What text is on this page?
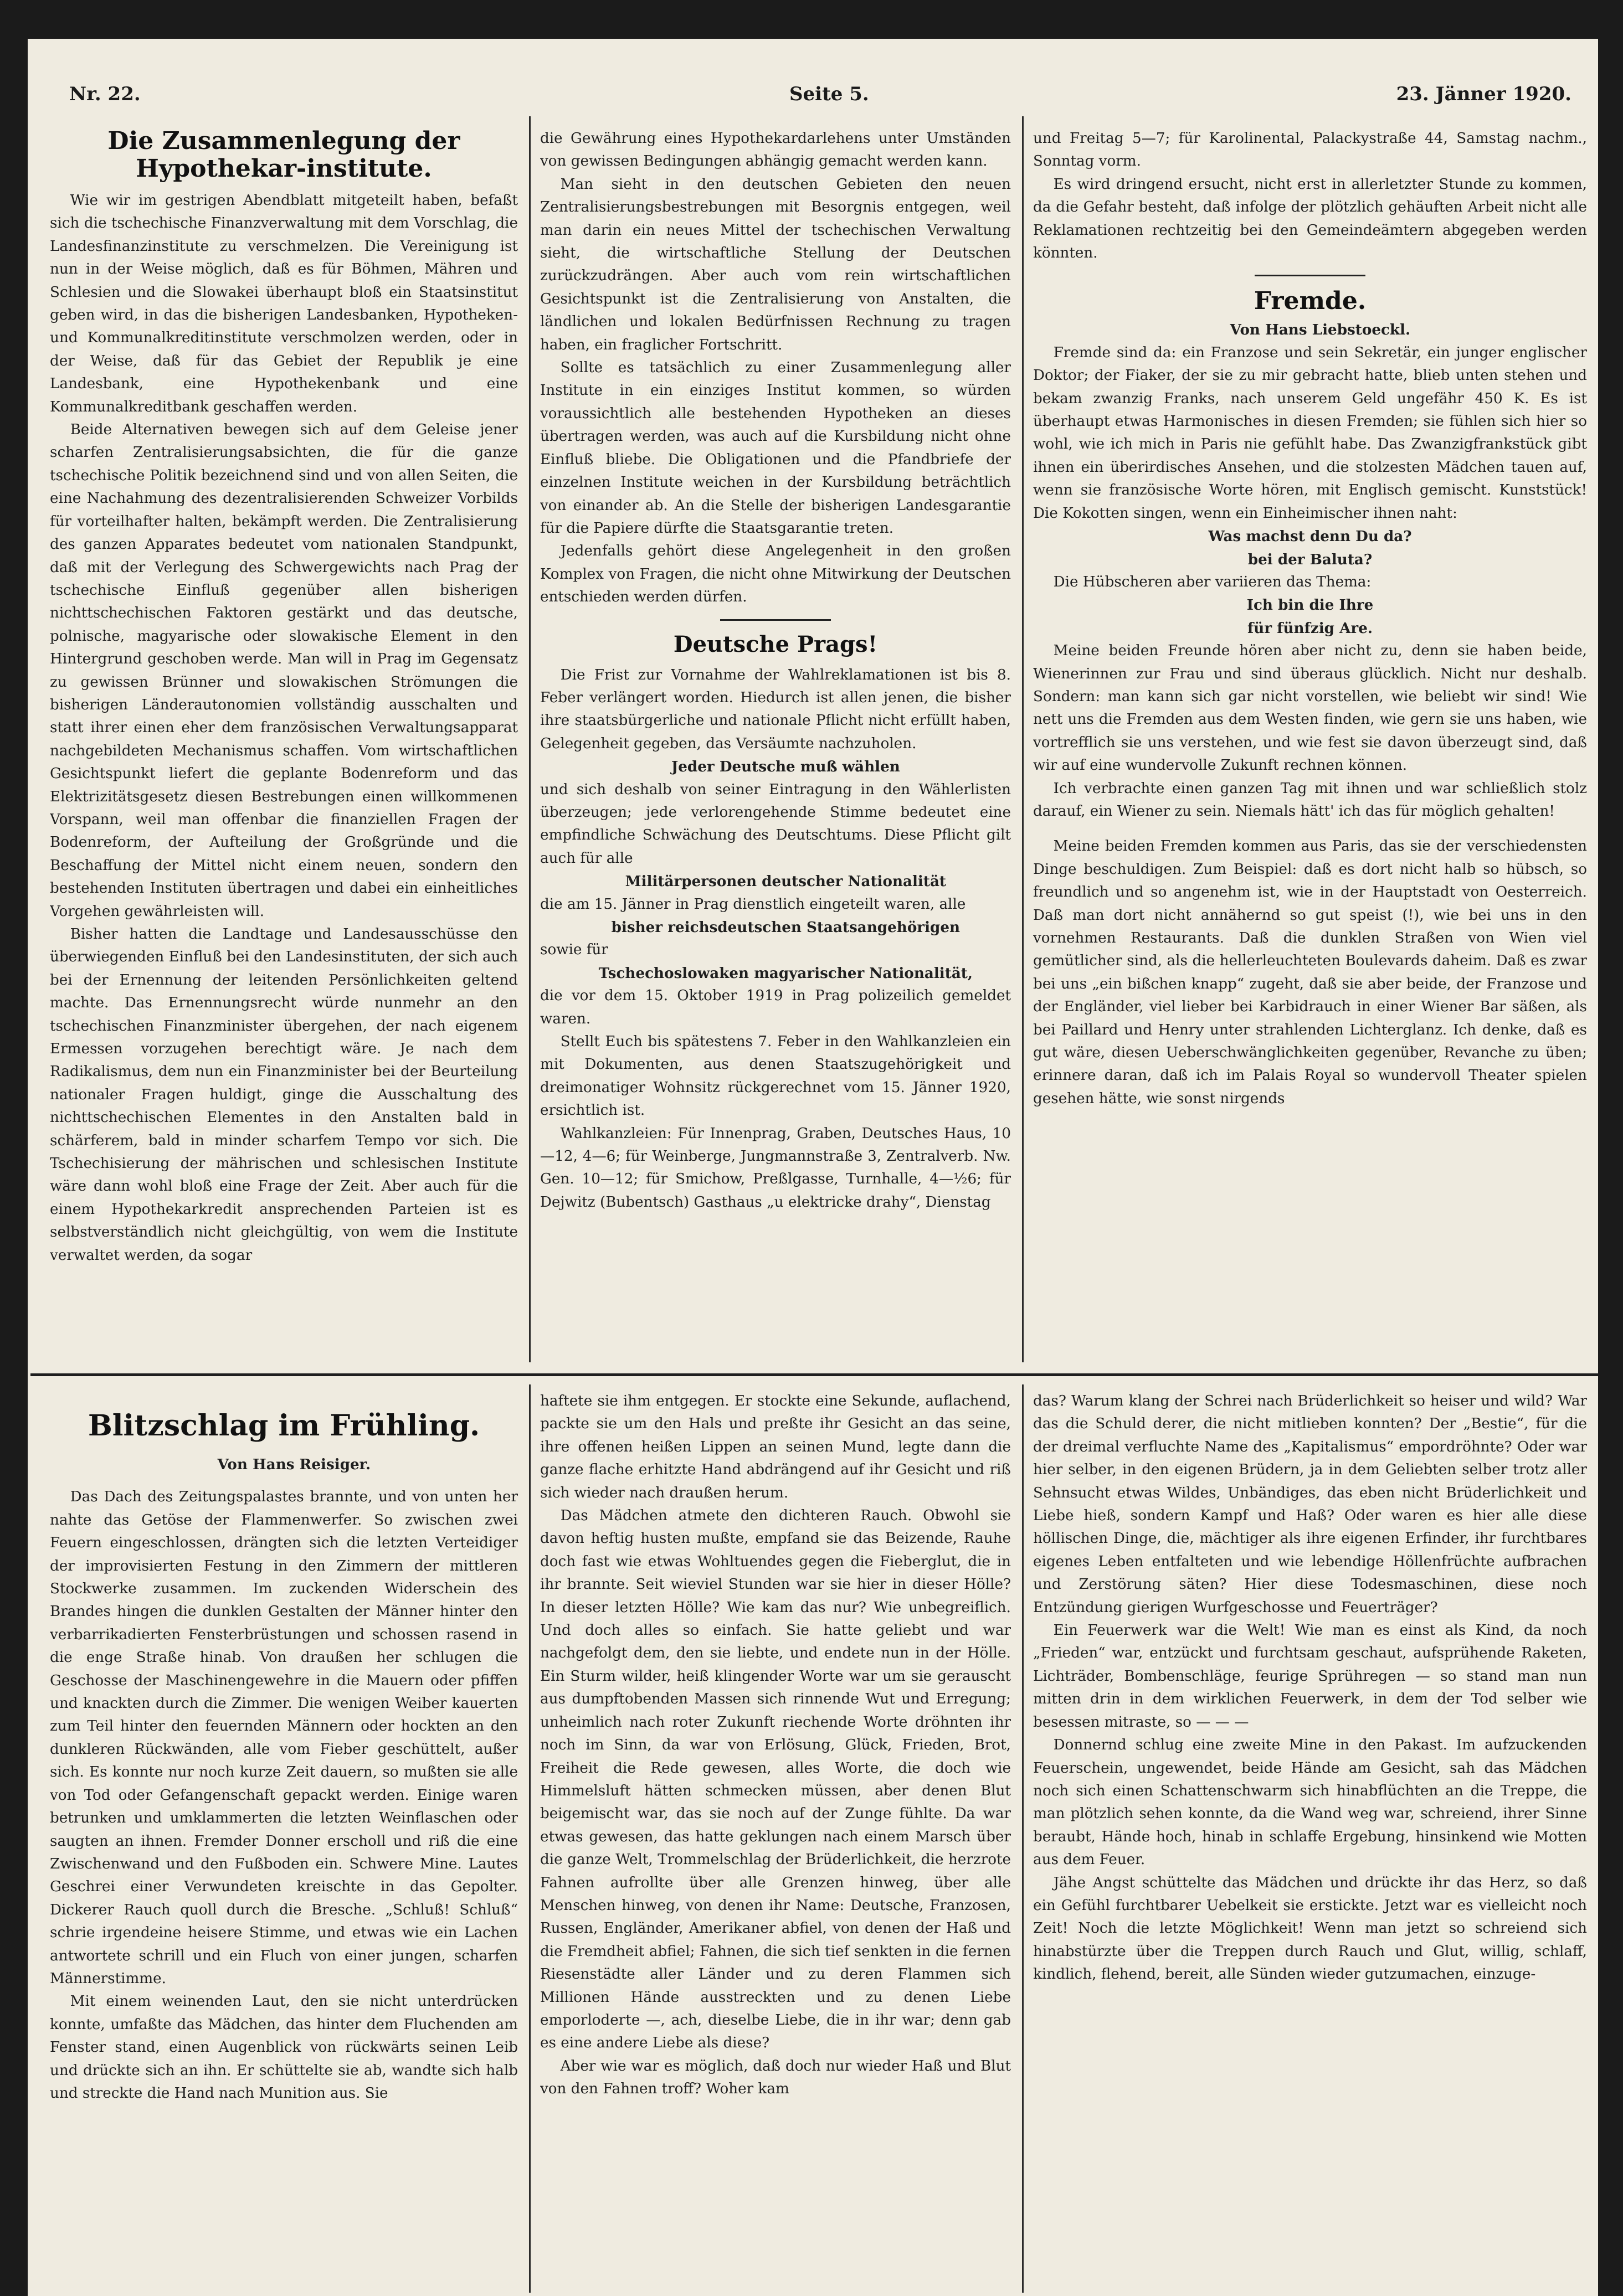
Nr. 22.	Seite 5.	23. Jänner 1920.
Die Zusammenlegung der Hypothekar-institute.

Wie wir im gestrigen Abendblatt mitgeteilt haben, befaßt sich die tschechische Finanzverwaltung mit dem Vorschlag, die Landesfinanzinstitute zu verschmelzen. Die Vereinigung ist nun in der Weise möglich, daß es für Böhmen, Mähren und Schlesien und die Slowakei überhaupt bloß ein Staatsinstitut geben wird, in das die bisherigen Landesbanken, Hypotheken- und Kommunalkreditinstitute verschmolzen werden, oder in der Weise, daß für das Gebiet der Republik je eine Landesbank, eine Hypothekenbank und eine Kommunalkreditbank geschaffen werden.

Beide Alternativen bewegen sich auf dem Geleise jener scharfen Zentralisierungsabsichten, die für die ganze tschechische Politik bezeichnend sind und von allen Seiten, die eine Nachahmung des dezentralisierenden Schweizer Vorbilds für vorteilhafter halten, bekämpft werden. Die Zentralisierung des ganzen Apparates bedeutet vom nationalen Standpunkt, daß mit der Verlegung des Schwergewichts nach Prag der tschechische Einfluß gegenüber allen bisherigen nichttschechischen Faktoren gestärkt und das deutsche, polnische, magyarische oder slowakische Element in den Hintergrund geschoben werde. Man will in Prag im Gegensatz zu gewissen Brünner und slowakischen Strömungen die bisherigen Länderautonomien vollständig ausschalten und statt ihrer einen eher dem französischen Verwaltungsapparat nachgebildeten Mechanismus schaffen. Vom wirtschaftlichen Gesichtspunkt liefert die geplante Bodenreform und das Elektrizitätsgesetz diesen Bestrebungen einen willkommenen Vorspann, weil man offenbar die finanziellen Fragen der Bodenreform, der Aufteilung der Großgründe und die Beschaffung der Mittel nicht einem neuen, sondern den bestehenden Instituten übertragen und dabei ein einheitliches Vorgehen gewährleisten will.

Bisher hatten die Landtage und Landesausschüsse den überwiegenden Einfluß bei den Landesinstituten, der sich auch bei der Ernennung der leitenden Persönlichkeiten geltend machte. Das Ernennungsrecht würde nunmehr an den tschechischen Finanzminister übergehen, der nach eigenem Ermessen vorzugehen berechtigt wäre. Je nach dem Radikalismus, dem nun ein Finanzminister bei der Beurteilung nationaler Fragen huldigt, ginge die Ausschaltung des nichttschechischen Elementes in den Anstalten bald in schärferem, bald in minder scharfem Tempo vor sich. Die Tschechisierung der mährischen und schlesischen Institute wäre dann wohl bloß eine Frage der Zeit. Aber auch für die einem Hypothekarkredit ansprechenden Parteien ist es selbstverständlich nicht gleichgültig, von wem die Institute verwaltet werden, da sogar

die Gewährung eines Hypothekardarlehens unter Umständen von gewissen Bedingungen abhängig gemacht werden kann.

Man sieht in den deutschen Gebieten den neuen Zentralisierungsbestrebungen mit Besorgnis entgegen, weil man darin ein neues Mittel der tschechischen Verwaltung sieht, die wirtschaftliche Stellung der Deutschen zurückzudrängen. Aber auch vom rein wirtschaftlichen Gesichtspunkt ist die Zentralisierung von Anstalten, die ländlichen und lokalen Bedürfnissen Rechnung zu tragen haben, ein fraglicher Fortschritt.

Sollte es tatsächlich zu einer Zusammenlegung aller Institute in ein einziges Institut kommen, so würden voraussichtlich alle bestehenden Hypotheken an dieses übertragen werden, was auch auf die Kursbildung nicht ohne Einfluß bliebe. Die Obligationen und die Pfandbriefe der einzelnen Institute weichen in der Kursbildung beträchtlich von einander ab. An die Stelle der bisherigen Landesgarantie für die Papiere dürfte die Staatsgarantie treten.

Jedenfalls gehört diese Angelegenheit in den großen Komplex von Fragen, die nicht ohne Mitwirkung der Deutschen entschieden werden dürfen.

Deutsche Prags!

Die Frist zur Vornahme der Wahlreklamationen ist bis 8. Feber verlängert worden. Hiedurch ist allen jenen, die bisher ihre staatsbürgerliche und nationale Pflicht nicht erfüllt haben, Gelegenheit gegeben, das Versäumte nachzuholen.

Jeder Deutsche muß wählen

und sich deshalb von seiner Eintragung in den Wählerlisten überzeugen; jede verlorengehende Stimme bedeutet eine empfindliche Schwächung des Deutschtums. Diese Pflicht gilt auch für alle

Militärpersonen deutscher Nationalität

die am 15. Jänner in Prag dienstlich eingeteilt waren, alle

bisher reichsdeutschen Staatsangehörigen

sowie für

Tschechoslowaken magyarischer Nationalität,

die vor dem 15. Oktober 1919 in Prag polizeilich gemeldet waren.

Stellt Euch bis spätestens 7. Feber in den Wahlkanzleien ein mit Dokumenten, aus denen Staatszugehörigkeit und dreimonatiger Wohnsitz rückgerechnet vom 15. Jänner 1920, ersichtlich ist.

Wahlkanzleien: Für Innenprag, Graben, Deutsches Haus, 10—12, 4—6; für Weinberge, Jungmannstraße 3, Zentralverb. Nw. Gen. 10—12; für Smichow, Preßlgasse, Turnhalle, 4—½6; für Dejwitz (Bubentsch) Gasthaus „u elektricke drahy“, Dienstag

und Freitag 5—7; für Karolinental, Palackystraße 44, Samstag nachm., Sonntag vorm.

Es wird dringend ersucht, nicht erst in allerletzter Stunde zu kommen, da die Gefahr besteht, daß infolge der plötzlich gehäuften Arbeit nicht alle Reklamationen rechtzeitig bei den Gemeindeämtern abgegeben werden könnten.

Fremde.

Von Hans Liebstoeckl.

Fremde sind da: ein Franzose und sein Sekretär, ein junger englischer Doktor; der Fiaker, der sie zu mir gebracht hatte, blieb unten stehen und bekam zwanzig Franks, nach unserem Geld ungefähr 450 K. Es ist überhaupt etwas Harmonisches in diesen Fremden; sie fühlen sich hier so wohl, wie ich mich in Paris nie gefühlt habe. Das Zwanzigfrankstück gibt ihnen ein überirdisches Ansehen, und die stolzesten Mädchen tauen auf, wenn sie französische Worte hören, mit Englisch gemischt. Kunststück! Die Kokotten singen, wenn ein Einheimischer ihnen naht:

Was machst denn Du da?

bei der Baluta?

Die Hübscheren aber variieren das Thema:

Ich bin die Ihre

für fünfzig Are.

Meine beiden Freunde hören aber nicht zu, denn sie haben beide, Wienerinnen zur Frau und sind überaus glücklich. Nicht nur deshalb. Sondern: man kann sich gar nicht vorstellen, wie beliebt wir sind! Wie nett uns die Fremden aus dem Westen finden, wie gern sie uns haben, wie vortrefflich sie uns verstehen, und wie fest sie davon überzeugt sind, daß wir auf eine wundervolle Zukunft rechnen können.

Ich verbrachte einen ganzen Tag mit ihnen und war schließlich stolz darauf, ein Wiener zu sein. Niemals hätt' ich das für möglich gehalten!

Meine beiden Fremden kommen aus Paris, das sie der verschiedensten Dinge beschuldigen. Zum Beispiel: daß es dort nicht halb so hübsch, so freundlich und so angenehm ist, wie in der Hauptstadt von Oesterreich. Daß man dort nicht annähernd so gut speist (!), wie bei uns in den vornehmen Restaurants. Daß die dunklen Straßen von Wien viel gemütlicher sind, als die hellerleuchteten Boulevards daheim. Daß es zwar bei uns „ein bißchen knapp“ zugeht, daß sie aber beide, der Franzose und der Engländer, viel lieber bei Karbidrauch in einer Wiener Bar säßen, als bei Paillard und Henry unter strahlenden Lichterglanz. Ich denke, daß es gut wäre, diesen Ueberschwänglichkeiten gegenüber, Revanche zu üben; erinnere daran, daß ich im Palais Royal so wundervoll Theater spielen gesehen hätte, wie sonst nirgends

Blitzschlag im Frühling.

Von Hans Reisiger.

Das Dach des Zeitungspalastes brannte, und von unten her nahte das Getöse der Flammenwerfer. So zwischen zwei Feuern eingeschlossen, drängten sich die letzten Verteidiger der improvisierten Festung in den Zimmern der mittleren Stockwerke zusammen. Im zuckenden Widerschein des Brandes hingen die dunklen Gestalten der Männer hinter den verbarrikadierten Fensterbrüstungen und schossen rasend in die enge Straße hinab. Von draußen her schlugen die Geschosse der Maschinengewehre in die Mauern oder pfiffen und knackten durch die Zimmer. Die wenigen Weiber kauerten zum Teil hinter den feuernden Männern oder hockten an den dunkleren Rückwänden, alle vom Fieber geschüttelt, außer sich. Es konnte nur noch kurze Zeit dauern, so mußten sie alle von Tod oder Gefangenschaft gepackt werden. Einige waren betrunken und umklammerten die letzten Weinflaschen oder saugten an ihnen. Fremder Donner erscholl und riß die eine Zwischenwand und den Fußboden ein. Schwere Mine. Lautes Geschrei einer Verwundeten kreischte in das Gepolter. Dickerer Rauch quoll durch die Bresche. „Schluß! Schluß“ schrie irgendeine heisere Stimme, und etwas wie ein Lachen antwortete schrill und ein Fluch von einer jungen, scharfen Männerstimme.

Mit einem weinenden Laut, den sie nicht unterdrücken konnte, umfaßte das Mädchen, das hinter dem Fluchenden am Fenster stand, einen Augenblick von rückwärts seinen Leib und drückte sich an ihn. Er schüttelte sie ab, wandte sich halb und streckte die Hand nach Munition aus. Sie

haftete sie ihm entgegen. Er stockte eine Sekunde, auflachend, packte sie um den Hals und preßte ihr Gesicht an das seine, ihre offenen heißen Lippen an seinen Mund, legte dann die ganze flache erhitzte Hand abdrängend auf ihr Gesicht und riß sich wieder nach draußen herum.

Das Mädchen atmete den dichteren Rauch. Obwohl sie davon heftig husten mußte, empfand sie das Beizende, Rauhe doch fast wie etwas Wohltuendes gegen die Fieberglut, die in ihr brannte. Seit wieviel Stunden war sie hier in dieser Hölle? In dieser letzten Hölle? Wie kam das nur? Wie unbegreiflich. Und doch alles so einfach. Sie hatte geliebt und war nachgefolgt dem, den sie liebte, und endete nun in der Hölle. Ein Sturm wilder, heiß klingender Worte war um sie gerauscht aus dumpftobenden Massen sich rinnende Wut und Erregung; unheimlich nach roter Zukunft riechende Worte dröhnten ihr noch im Sinn, da war von Erlösung, Glück, Frieden, Brot, Freiheit die Rede gewesen, alles Worte, die doch wie Himmelsluft hätten schmecken müssen, aber denen Blut beigemischt war, das sie noch auf der Zunge fühlte. Da war etwas gewesen, das hatte geklungen nach einem Marsch über die ganze Welt, Trommelschlag der Brüderlichkeit, die herzrote Fahnen aufrollte über alle Grenzen hinweg, über alle Menschen hinweg, von denen ihr Name: Deutsche, Franzosen, Russen, Engländer, Amerikaner abfiel, von denen der Haß und die Fremdheit abfiel; Fahnen, die sich tief senkten in die fernen Riesenstädte aller Länder und zu deren Flammen sich Millionen Hände ausstreckten und zu denen Liebe emporloderte —, ach, dieselbe Liebe, die in ihr war; denn gab es eine andere Liebe als diese?

Aber wie war es möglich, daß doch nur wieder Haß und Blut von den Fahnen troff? Woher kam

das? Warum klang der Schrei nach Brüderlichkeit so heiser und wild? War das die Schuld derer, die nicht mitlieben konnten? Der „Bestie“, für die der dreimal verfluchte Name des „Kapitalismus“ empordröhnte? Oder war hier selber, in den eigenen Brüdern, ja in dem Geliebten selber trotz aller Sehnsucht etwas Wildes, Unbändiges, das eben nicht Brüderlichkeit und Liebe hieß, sondern Kampf und Haß? Oder waren es hier alle diese höllischen Dinge, die, mächtiger als ihre eigenen Erfinder, ihr furchtbares eigenes Leben entfalteten und wie lebendige Höllenfrüchte aufbrachen und Zerstörung säten? Hier diese Todesmaschinen, diese noch Entzündung gierigen Wurfgeschosse und Feuerträger?

Ein Feuerwerk war die Welt! Wie man es einst als Kind, da noch „Frieden“ war, entzückt und furchtsam geschaut, aufsprühende Raketen, Lichträder, Bombenschläge, feurige Sprühregen — so stand man nun mitten drin in dem wirklichen Feuerwerk, in dem der Tod selber wie besessen mitraste, so — — —

Donnernd schlug eine zweite Mine in den Pakast. Im aufzuckenden Feuerschein, ungewendet, beide Hände am Gesicht, sah das Mädchen noch sich einen Schattenschwarm sich hinabflüchten an die Treppe, die man plötzlich sehen konnte, da die Wand weg war, schreiend, ihrer Sinne beraubt, Hände hoch, hinab in schlaffe Ergebung, hinsinkend wie Motten aus dem Feuer.

Jähe Angst schüttelte das Mädchen und drückte ihr das Herz, so daß ein Gefühl furchtbarer Uebelkeit sie erstickte. Jetzt war es vielleicht noch Zeit! Noch die letzte Möglichkeit! Wenn man jetzt so schreiend sich hinabstürzte über die Treppen durch Rauch und Glut, willig, schlaff, kindlich, flehend, bereit, alle Sünden wieder gutzumachen, einzuge-
